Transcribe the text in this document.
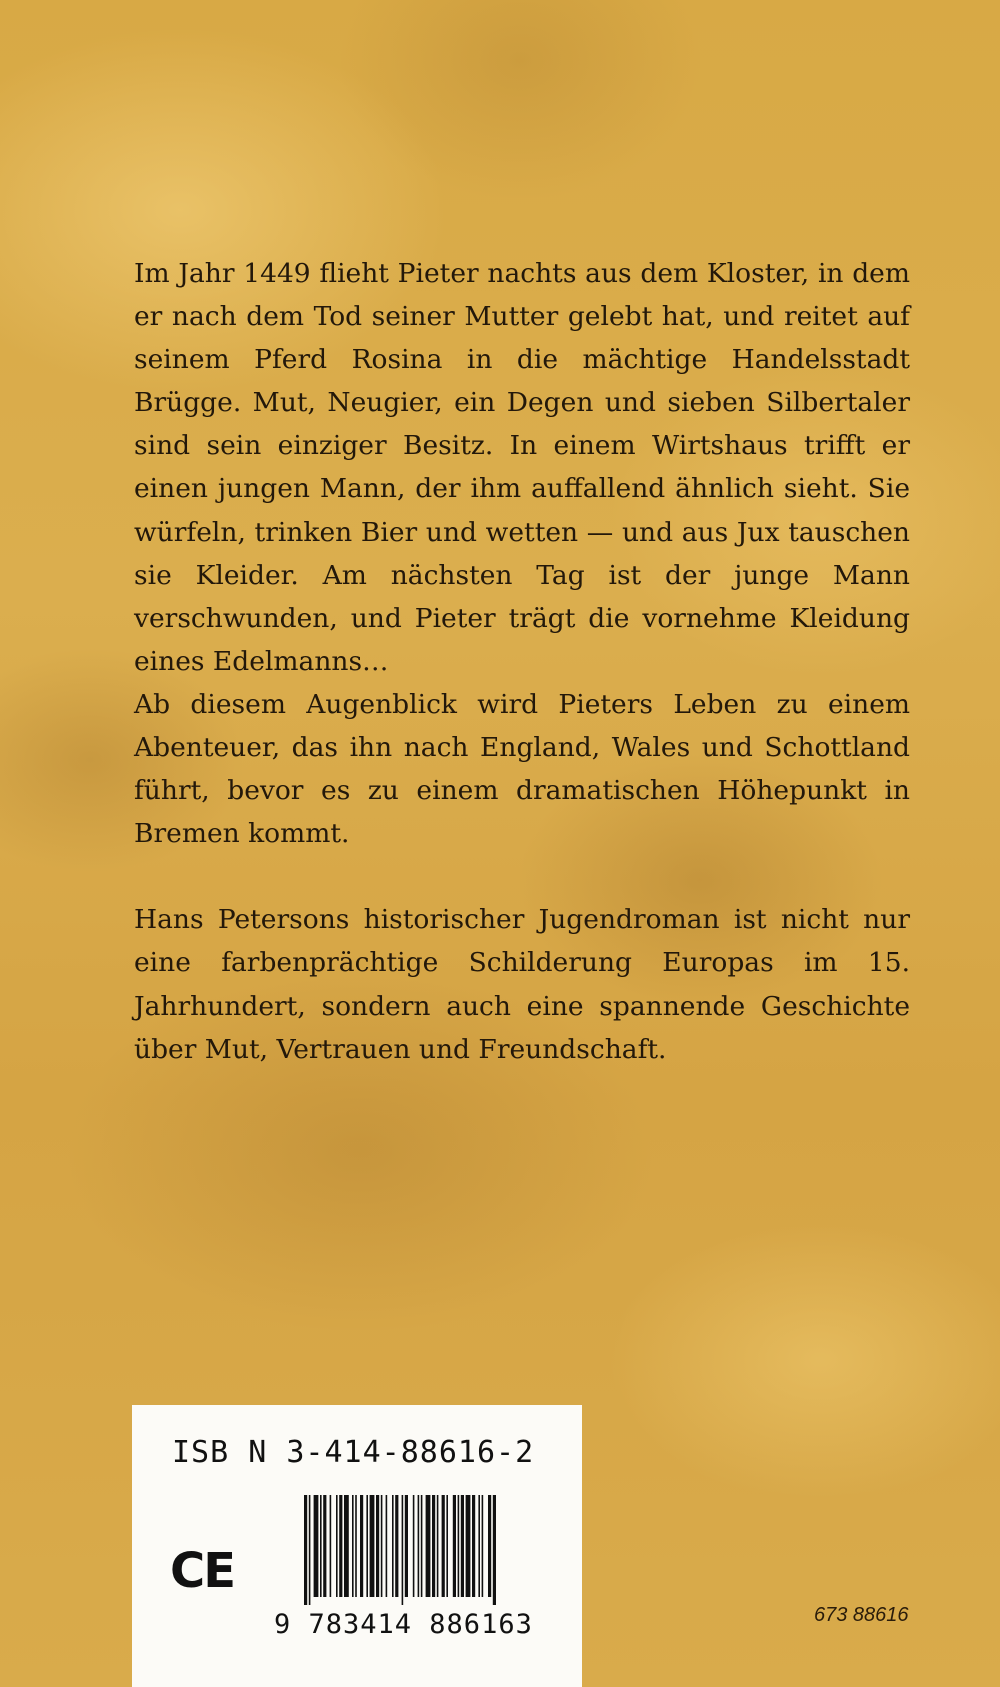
Im Jahr 1449 flieht Pieter nachts aus dem Kloster, in dem er nach dem Tod seiner Mutter gelebt hat, und reitet auf seinem Pferd Rosina in die mächtige Handelsstadt Brügge. Mut, Neugier, ein Degen und sieben Silbertaler sind sein einziger Besitz. In einem Wirtshaus trifft er einen jungen Mann, der ihm auffallend ähnlich sieht. Sie würfeln, trinken Bier und wetten — und aus Jux tauschen sie Kleider. Am nächsten Tag ist der junge Mann verschwunden, und Pieter trägt die vornehme Kleidung eines Edelmanns…

Ab diesem Augenblick wird Pieters Leben zu einem Abenteuer, das ihn nach England, Wales und Schottland führt, bevor es zu einem dramatischen Höhepunkt in Bremen kommt.

Hans Petersons historischer Jugendroman ist nicht nur eine farbenprächtige Schilderung Europas im 15. Jahrhundert, sondern auch eine spannende Geschichte über Mut, Vertrauen und Freundschaft.

ISB N 3-414-88616-2
CE
9 783414 886163	673 88616
